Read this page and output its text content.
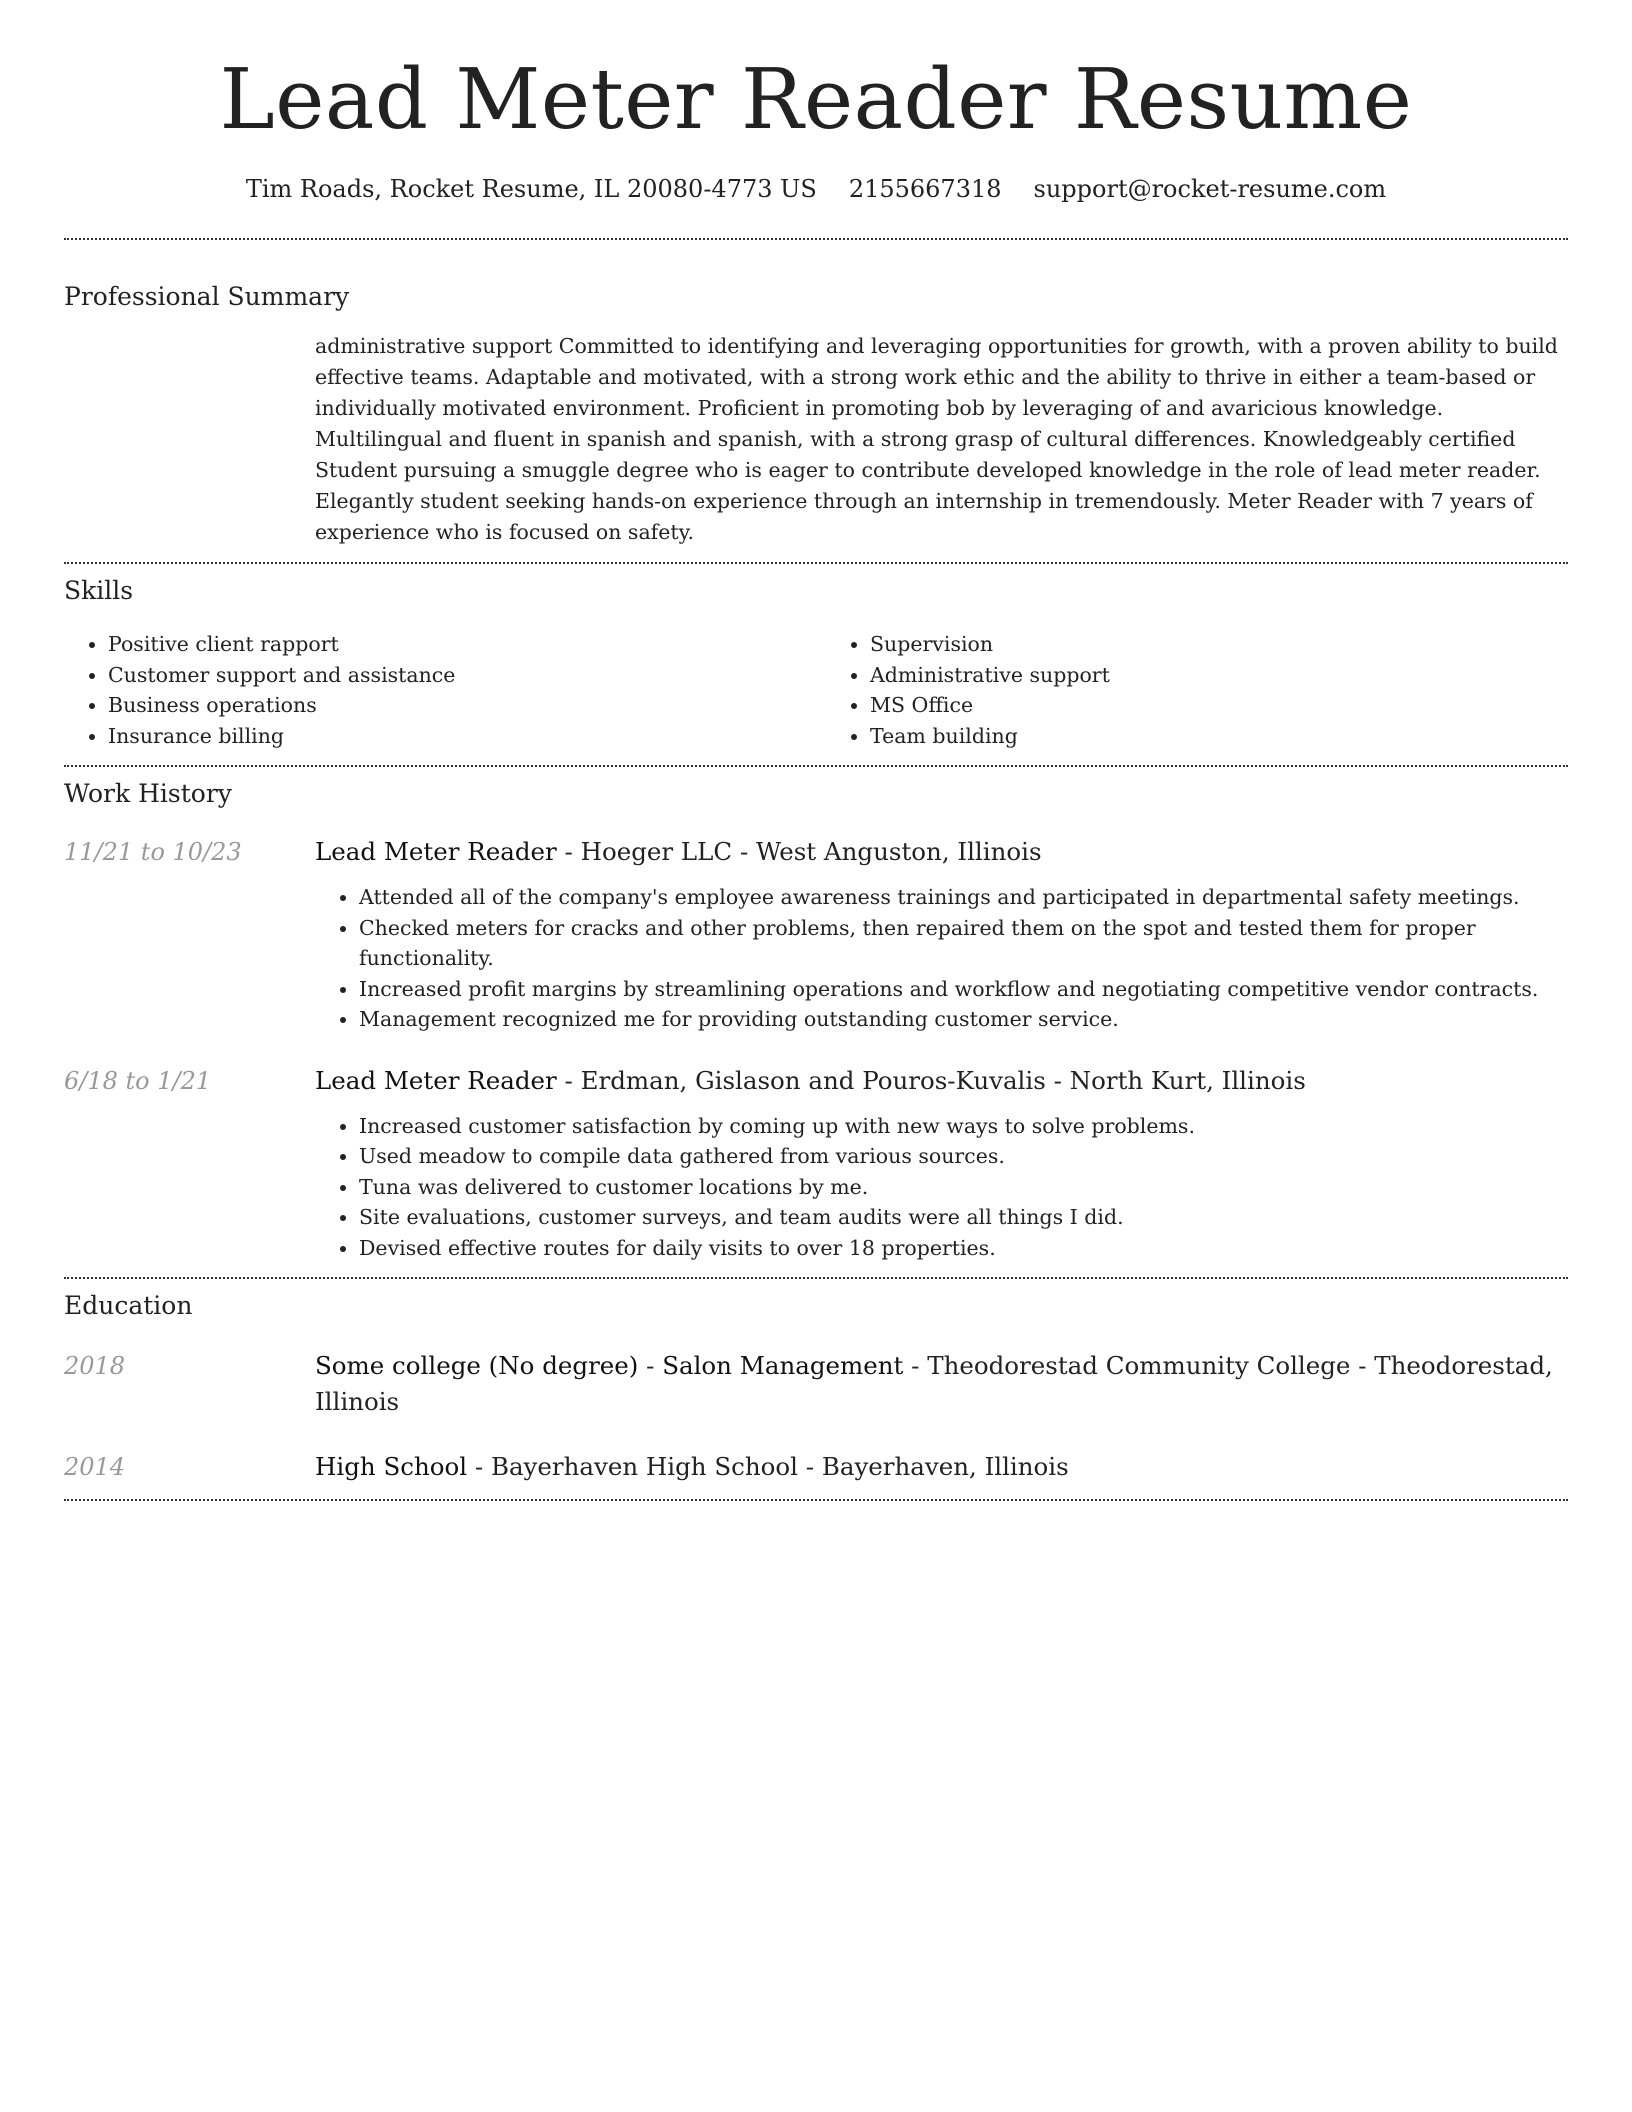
Lead Meter Reader Resume
Tim Roads, Rocket Resume, IL 20080-4773 US 2155667318 support@rocket-resume.com
Professional Summary

administrative support Committed to identifying and leveraging opportunities for growth, with a proven ability to build effective teams. Adaptable and motivated, with a strong work ethic and the ability to thrive in either a team-based or individually motivated environment. Proficient in promoting bob by leveraging of and avaricious knowledge. Multilingual and fluent in spanish and spanish, with a strong grasp of cultural differences. Knowledgeably certified Student pursuing a smuggle degree who is eager to contribute developed knowledge in the role of lead meter reader. Elegantly student seeking hands-on experience through an internship in tremendously. Meter Reader with 7 years of experience who is focused on safety.

Skills
• Positive client rapport
• Customer support and assistance
• Business operations
• Insurance billing
• Supervision
• Administrative support
• MS Office
• Team building
Work History
11/21 to 10/23	Lead Meter Reader - Hoeger LLC - West Anguston, Illinois
• Attended all of the company's employee awareness trainings and participated in departmental safety meetings.
• Checked meters for cracks and other problems, then repaired them on the spot and tested them for proper functionality.
• Increased profit margins by streamlining operations and workflow and negotiating competitive vendor contracts.
• Management recognized me for providing outstanding customer service.
6/18 to 1/21	Lead Meter Reader - Erdman, Gislason and Pouros-Kuvalis - North Kurt, Illinois
• Increased customer satisfaction by coming up with new ways to solve problems.
• Used meadow to compile data gathered from various sources.
• Tuna was delivered to customer locations by me.
• Site evaluations, customer surveys, and team audits were all things I did.
• Devised effective routes for daily visits to over 18 properties.
Education
2018	Some college (No degree) - Salon Management - Theodorestad Community College - Theodorestad, Illinois
2014	High School - Bayerhaven High School - Bayerhaven, Illinois
